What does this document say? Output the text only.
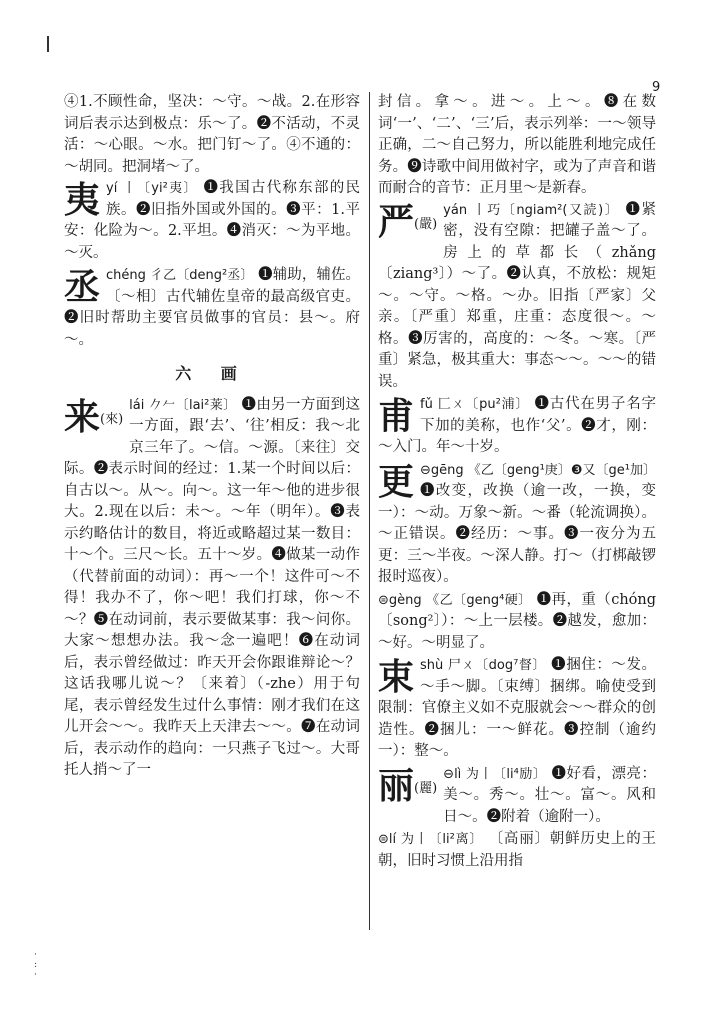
9
·
:
·
④1.不顾性命，坚决：～守。～战。2.在形容词后表示达到极点：乐～了。❷不活动，不灵活：～心眼。～水。把门钉～了。④不通的：～胡同。把洞堵～了。
夷 yí 丨〔yi²夷〕 ❶我国古代称东部的民族。❷旧指外国或外国的。❸平：1.平安：化险为～。2.平坦。❹消灭：～为平地。～灭。
丞 chéng 彳乙〔deng²丞〕 ❶辅助，辅佐。〔～相〕古代辅佐皇帝的最高级官吏。❷旧时帮助主要官员做事的官员：县～。府～。
六 画
来(來)
lái 𠂊𠂉〔lai²莱〕 ❶由另一方面到这一方面，跟‘去’、‘往’相反：我～北京三年了。～信。～源。〔来往〕交际。❷表示时间的经过：1.某一个时间以后：自古以～。从～。向～。这一年～他的进步很大。2.现在以后：未～。～年（明年）。❸表示约略估计的数目，将近或略超过某一数目：十～个。三尺～长。五十～岁。❹做某一动作（代替前面的动词）：再～一个！这件可～不得！我办不了，你～吧！我们打球，你～不～？❺在动词前，表示要做某事：我～问你。大家～想想办法。我～念一遍吧！❻在动词后，表示曾经做过：昨天开会你跟谁辩论～？这话我哪儿说～？〔来着〕（-zhe）用于句尾，表示曾经发生过什么事情：刚才我们在这儿开会～～。我昨天上天津去～～。❼在动词后，表示动作的趋向：一只燕子飞过～。大哥托人捎～了一
封信。拿～。进～。上～。❽在数词‘一’、‘二’、‘三’后，表示列举：一～领导正确，二～自己努力，所以能胜利地完成任务。❾诗歌中间用做衬字，或为了声音和谐而耐合的音节：正月里～是新春。
严(嚴)
yán 丨巧〔ngiam²(又読)〕 ❶紧密，没有空隙：把罐子盖～了。房上的草都长（zhǎng〔ziang³〕）～了。❷认真，不放松：规矩～。～守。～格。～办。旧指〔严家〕父亲。〔严重〕郑重，庄重：态度很～。～格。❸厉害的，高度的：～冬。～寒。〔严重〕紧急，极其重大：事态～～。～～的错误。
甫 fǔ 匚ㄨ〔pu²浦〕 ❶古代在男子名字下加的美称，也作‘父’。❷才，刚：～入门。年～十岁。
更 ⊖gēng 《乙〔geng¹庚〕❸又〔ge¹加〕 ❶改变，改换（逾一改，一换，变一）：～动。万象～新。～番（轮流调换）。～正错误。❷经历：～事。❸一夜分为五更：三～半夜。～深人静。打～（打梆敲锣报时巡夜）。
⊜gèng 《乙〔geng⁴硬〕 ❶再，重（chóng〔song²〕）：～上一层楼。❷越发，愈加：～好。～明显了。
束 shù 尸ㄨ〔dog⁷督〕 ❶捆住：～发。～手～脚。〔束缚〕捆绑。喻使受到限制：官僚主义如不克服就会～～群众的创造性。❷捆儿：一～鲜花。❸控制（逾约一）：整～。
丽(麗)
⊖lì 为丨〔li⁴励〕 ❶好看，漂亮：美～。秀～。壮～。富～。风和日～。❷附着（逾附一）。
⊜lí 为丨〔li²离〕 〔高丽〕朝鲜历史上的王朝，旧时习惯上沿用指
